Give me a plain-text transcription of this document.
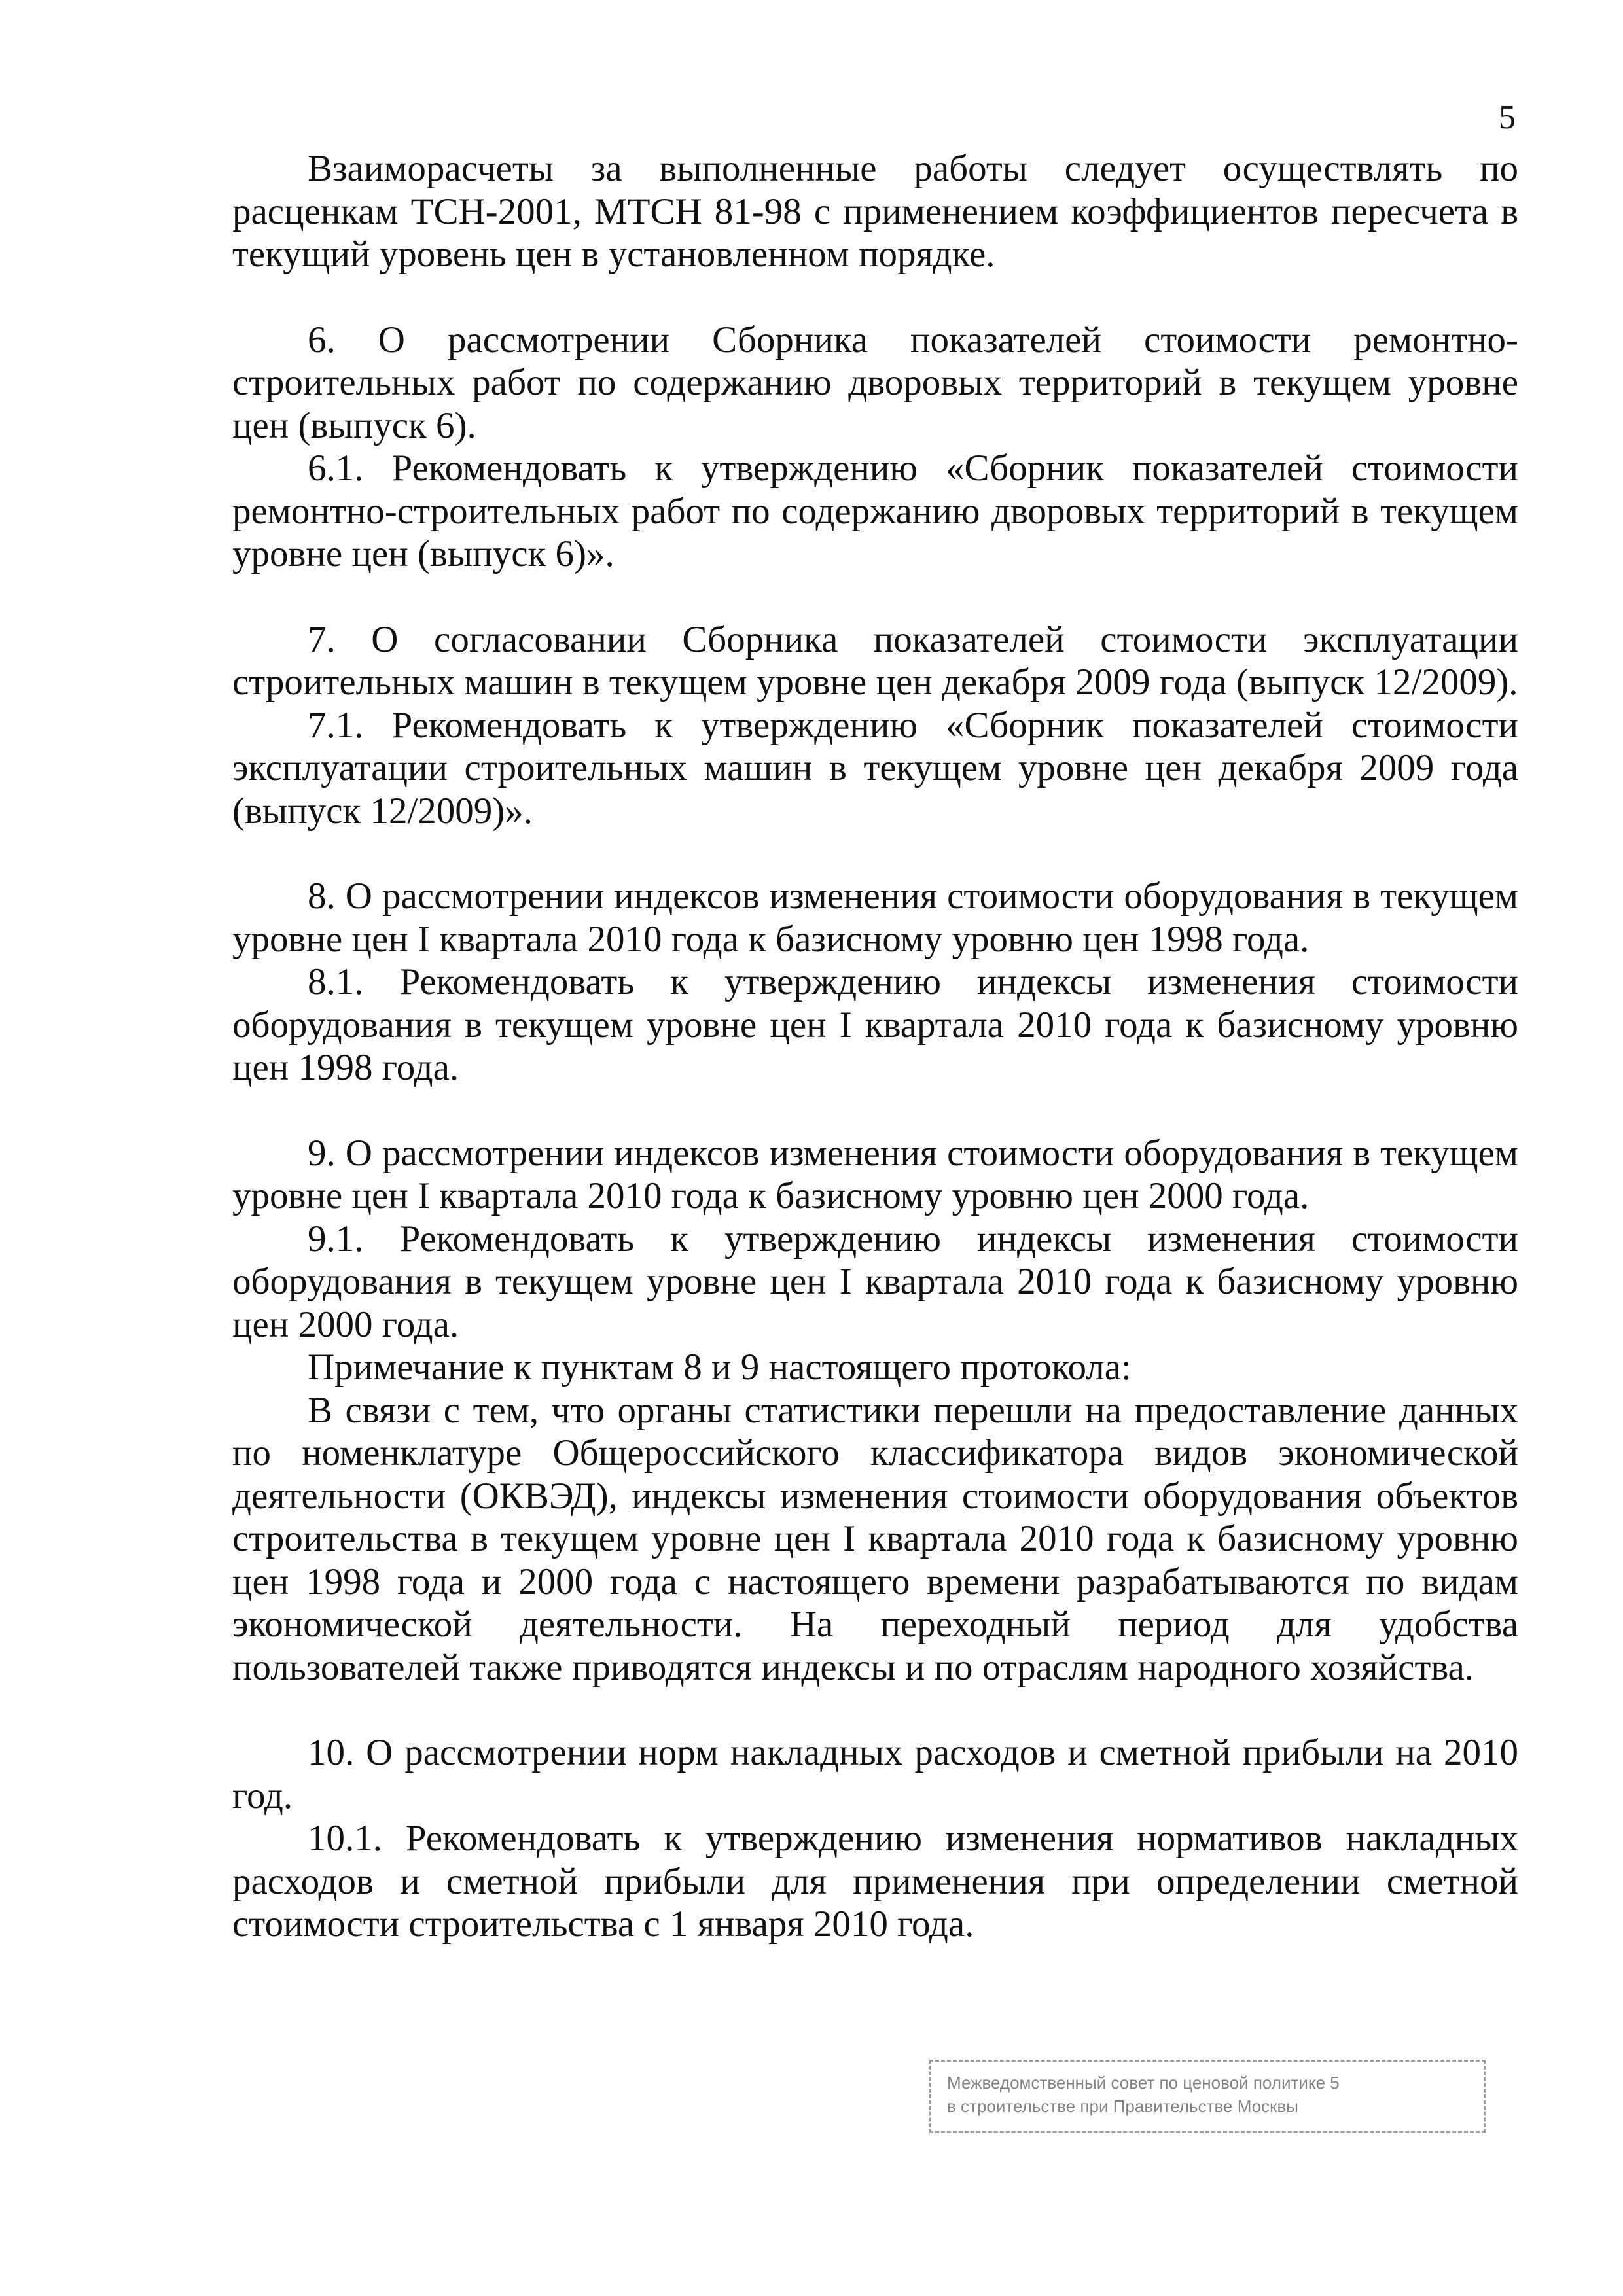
5

Взаиморасчеты за выполненные работы следует осуществлять по расценкам ТСН-2001, МТСН 81-98 с применением коэффициентов пересчета в текущий уровень цен в установленном порядке.

6. О рассмотрении Сборника показателей стоимости ремонтно-строительных работ по содержанию дворовых территорий в текущем уровне цен (выпуск 6).

6.1. Рекомендовать к утверждению «Сборник показателей стоимости ремонтно-строительных работ по содержанию дворовых территорий в текущем уровне цен (выпуск 6)».

7. О согласовании Сборника показателей стоимости эксплуатации строительных машин в текущем уровне цен декабря 2009 года (выпуск 12/2009).

7.1. Рекомендовать к утверждению «Сборник показателей стоимости эксплуатации строительных машин в текущем уровне цен декабря 2009 года (выпуск 12/2009)».

8. О рассмотрении индексов изменения стоимости оборудования в текущем уровне цен I квартала 2010 года к базисному уровню цен 1998 года.

8.1. Рекомендовать к утверждению индексы изменения стоимости оборудования в текущем уровне цен I квартала 2010 года к базисному уровню цен 1998 года.

9. О рассмотрении индексов изменения стоимости оборудования в текущем уровне цен I квартала 2010 года к базисному уровню цен 2000 года.

9.1. Рекомендовать к утверждению индексы изменения стоимости оборудования в текущем уровне цен I квартала 2010 года к базисному уровню цен 2000 года.

Примечание к пунктам 8 и 9 настоящего протокола:

В связи с тем, что органы статистики перешли на предоставление данных по номенклатуре Общероссийского классификатора видов экономической деятельности (ОКВЭД), индексы изменения стоимости оборудования объектов строительства в текущем уровне цен I квартала 2010 года к базисному уровню цен 1998 года и 2000 года с настоящего времени разрабатываются по видам экономической деятельности. На переходный период для удобства пользователей также приводятся индексы и по отраслям народного хозяйства.

10. О рассмотрении норм накладных расходов и сметной прибыли на 2010 год.

10.1. Рекомендовать к утверждению изменения нормативов накладных расходов и сметной прибыли для применения при определении сметной стоимости строительства с 1 января 2010 года.

Межведомственный совет по ценовой политике 5
в строительстве при Правительстве Москвы
